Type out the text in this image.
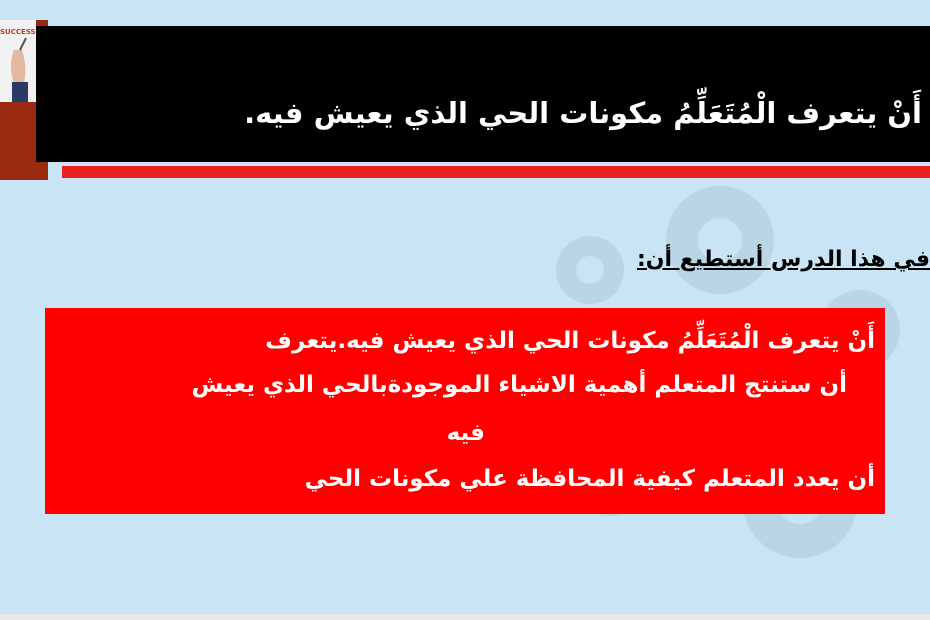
SUCCESS
أَنْ يتعرف الْمُتَعَلِّمُ مكونات الحي الذي يعيش فيه.
في هذا الدرس أستطيع أن:
أَنْ يتعرف الْمُتَعَلِّمُ مكونات الحي الذي يعيش فيه.يتعرف
أن ستنتج المتعلم أهمية الاشياء الموجودةبالحي الذي يعيش
فيه
أن يعدد المتعلم كيفية المحافظة علي مكونات الحي
